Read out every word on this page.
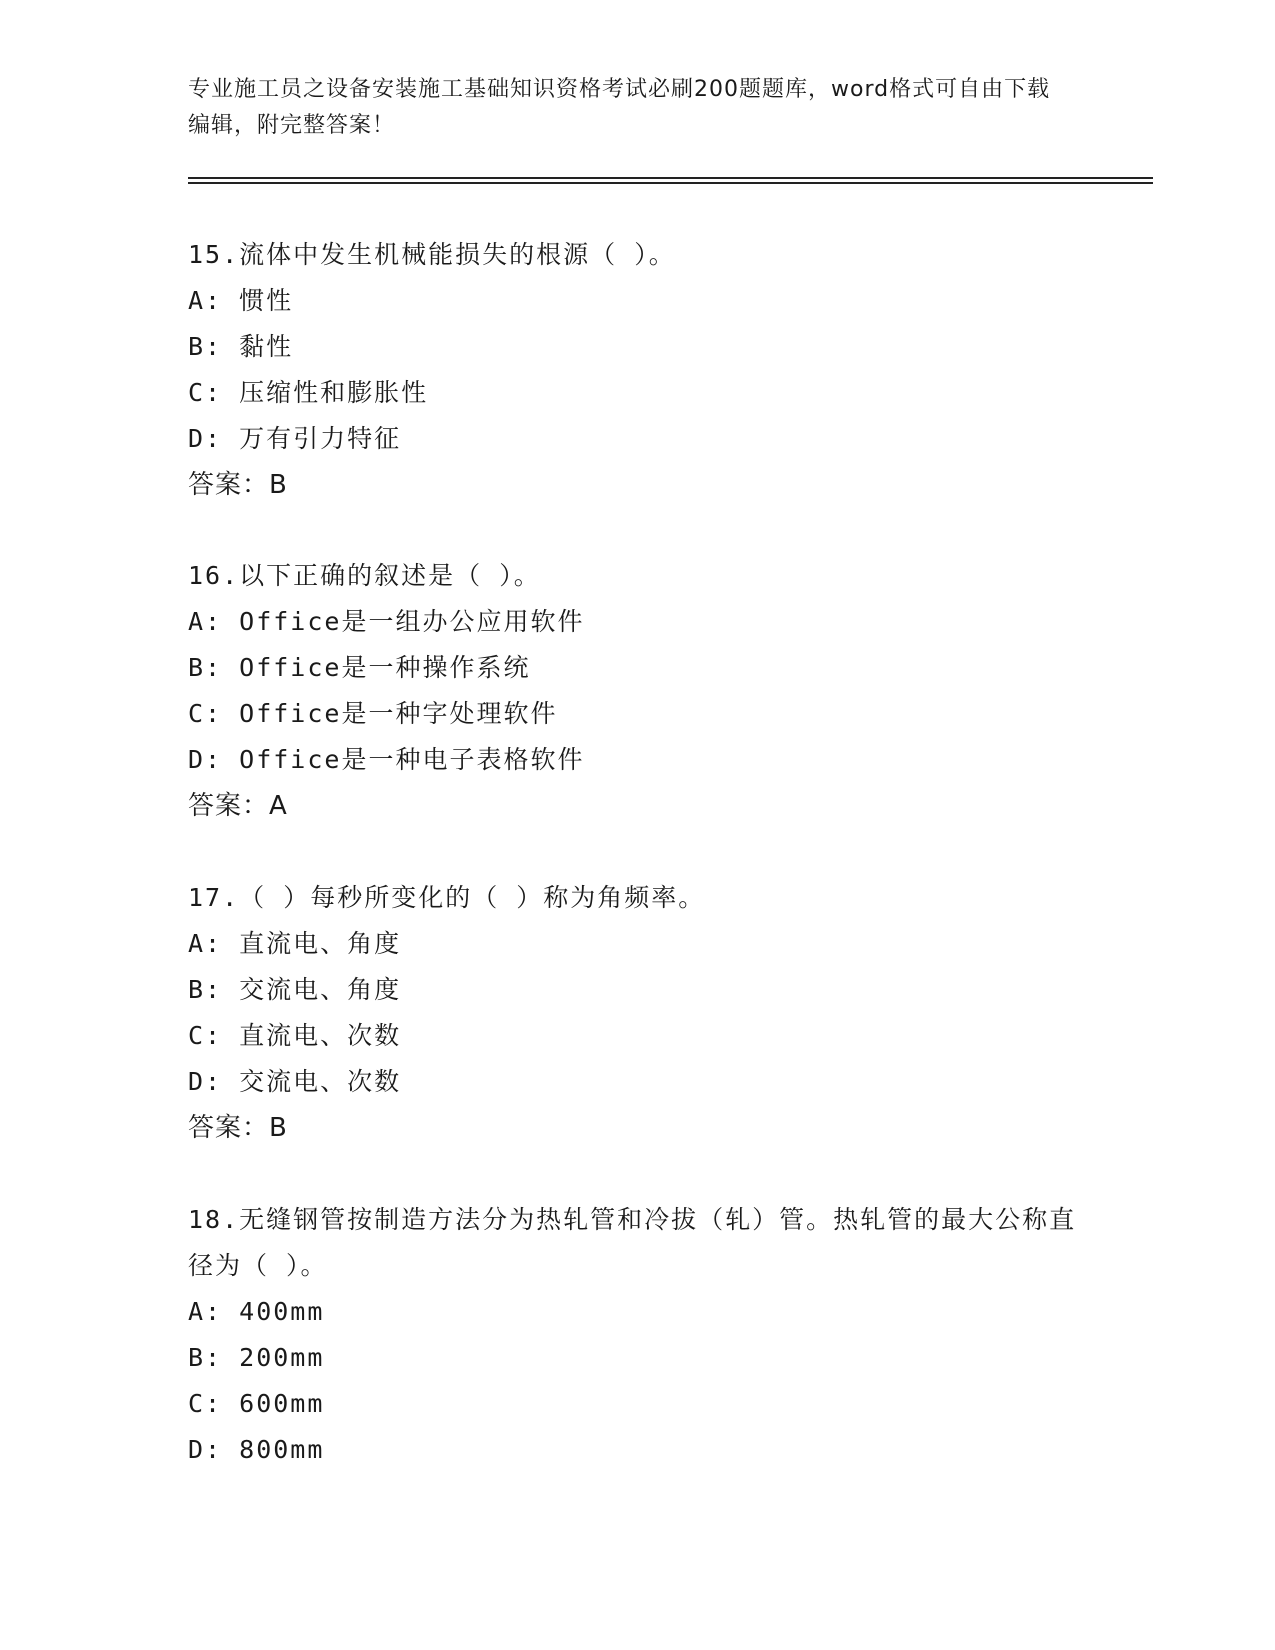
专业施工员之设备安装施工基础知识资格考试必刷200题题库，word格式可自由下载编辑，附完整答案！
15.流体中发生机械能损失的根源（ ）。
A: 惯性
B: 黏性
C: 压缩性和膨胀性
D: 万有引力特征
答案：B
16.以下正确的叙述是（ ）。
A: Office是一组办公应用软件
B: Office是一种操作系统
C: Office是一种字处理软件
D: Office是一种电子表格软件
答案：A
17.（ ）每秒所变化的（ ）称为角频率。
A: 直流电、角度
B: 交流电、角度
C: 直流电、次数
D: 交流电、次数
答案：B
18.无缝钢管按制造方法分为热轧管和冷拔（轧）管。热轧管的最大公称直径为（ ）。
A: 400mm
B: 200mm
C: 600mm
D: 800mm
